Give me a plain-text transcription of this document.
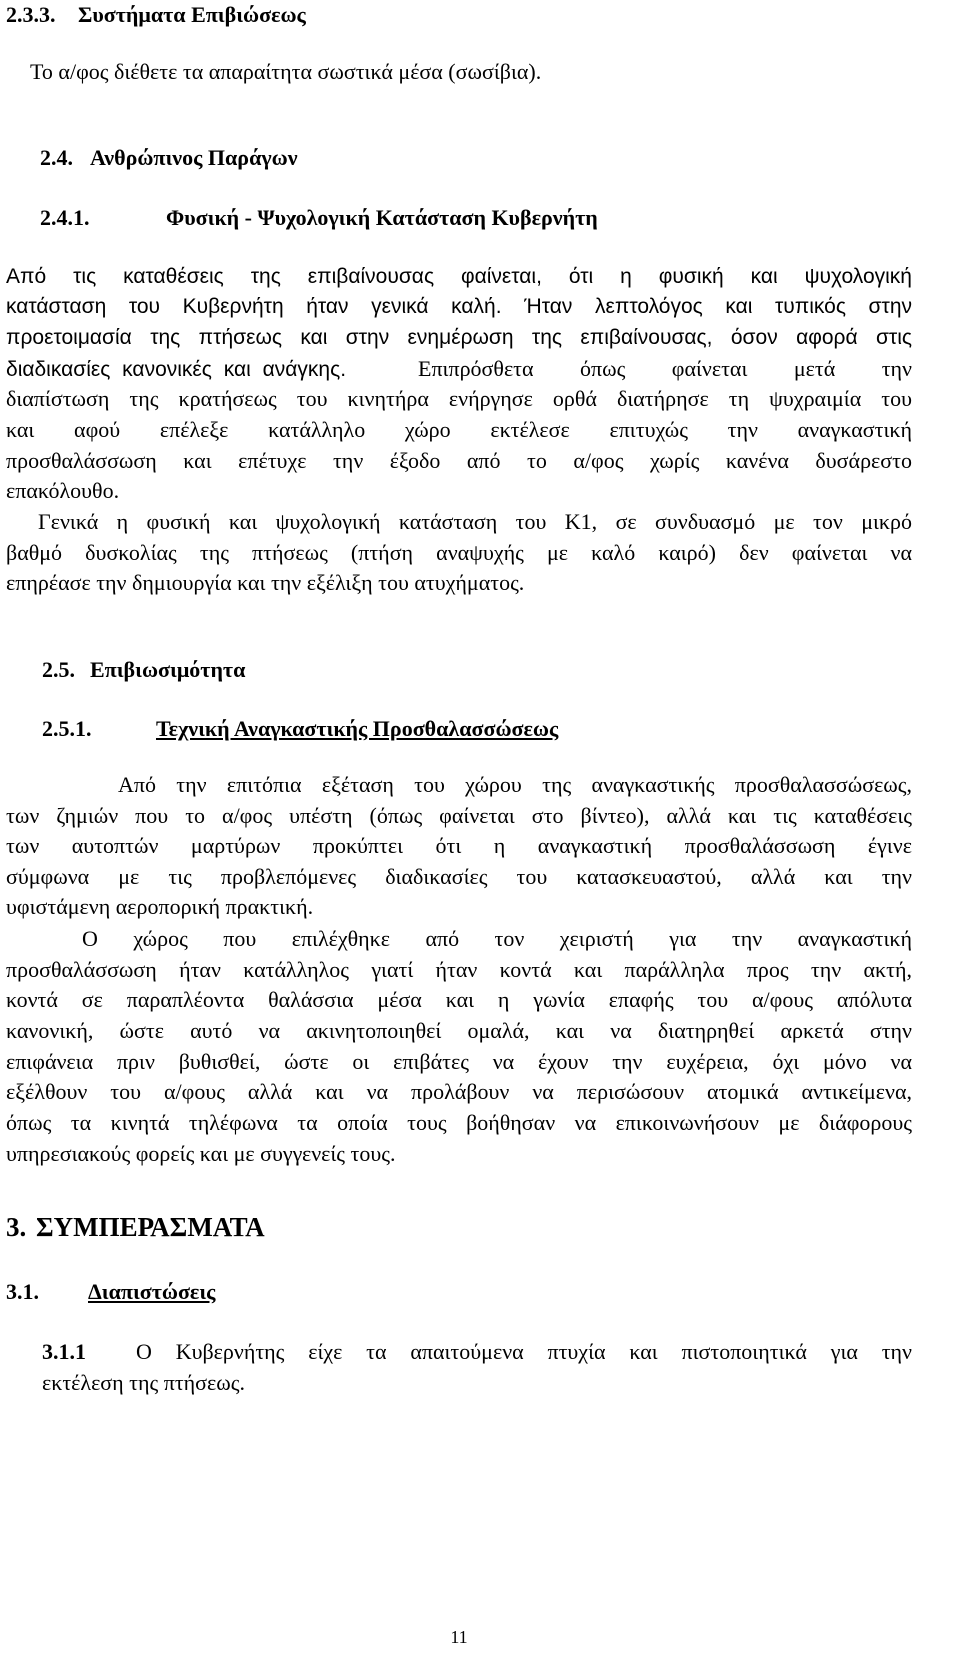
2.3.3. Συστήματα Επιβιώσεως
Το α/φος διέθετε τα απαραίτητα σωστικά μέσα (σωσίβια).
2.4. Ανθρώπινος Παράγων
2.4.1.	Φυσική - Ψυχολογική Κατάσταση Κυβερνήτη
Από τις καταθέσεις της επιβαίνουσας φαίνεται, ότι η φυσική και ψυχολογική
κατάσταση του Κυβερνήτη ήταν γενικά καλή. Ήταν λεπτολόγος και τυπικός στην
προετοιμασία της πτήσεως και στην ενημέρωση της επιβαίνουσας, όσον αφορά στις
διαδικασίες κανονικές και ανάγκης.	Επιπρόσθετα όπως φαίνεται μετά την
διαπίστωση της κρατήσεως του κινητήρα ενήργησε ορθά διατήρησε τη ψυχραιμία του
και αφού επέλεξε κατάλληλο χώρο εκτέλεσε επιτυχώς την αναγκαστική
προσθαλάσσωση και επέτυχε την έξοδο από το α/φος χωρίς κανένα δυσάρεστο
επακόλουθο.
Γενικά η φυσική και ψυχολογική κατάσταση του Κ1, σε συνδυασμό με τον μικρό
βαθμό δυσκολίας της πτήσεως (πτήση αναψυχής με καλό καιρό) δεν φαίνεται να
επηρέασε την δημιουργία και την εξέλιξη του ατυχήματος.
2.5. Επιβιωσιμότητα
2.5.1.	Τεχνική Αναγκαστικής Προσθαλασσώσεως
Από την επιτόπια εξέταση του χώρου της αναγκαστικής προσθαλασσώσεως,
των ζημιών που το α/φος υπέστη (όπως φαίνεται στο βίντεο), αλλά και τις καταθέσεις
των αυτοπτών μαρτύρων προκύπτει ότι η αναγκαστική προσθαλάσσωση έγινε
σύμφωνα με τις προβλεπόμενες διαδικασίες του κατασκευαστού, αλλά και την
υφιστάμενη αεροπορική πρακτική.
Ο χώρος που επιλέχθηκε από τον χειριστή για την αναγκαστική
προσθαλάσσωση ήταν κατάλληλος γιατί ήταν κοντά και παράλληλα προς την ακτή,
κοντά σε παραπλέοντα θαλάσσια μέσα και η γωνία επαφής του α/φους απόλυτα
κανονική, ώστε αυτό να ακινητοποιηθεί ομαλά, και να διατηρηθεί αρκετά στην
επιφάνεια πριν βυθισθεί, ώστε οι επιβάτες να έχουν την ευχέρεια, όχι μόνο να
εξέλθουν του α/φους αλλά και να προλάβουν να περισώσουν ατομικά αντικείμενα,
όπως τα κινητά τηλέφωνα τα οποία τους βοήθησαν να επικοινωνήσουν με διάφορους
υπηρεσιακούς φορείς και με συγγενείς τους.
3. ΣΥΜΠΕΡΑΣΜΑΤΑ
3.1. Διαπιστώσεις
3.1.1 Ο Κυβερνήτης είχε τα απαιτούμενα πτυχία και πιστοποιητικά για την
εκτέλεση της πτήσεως.
11
